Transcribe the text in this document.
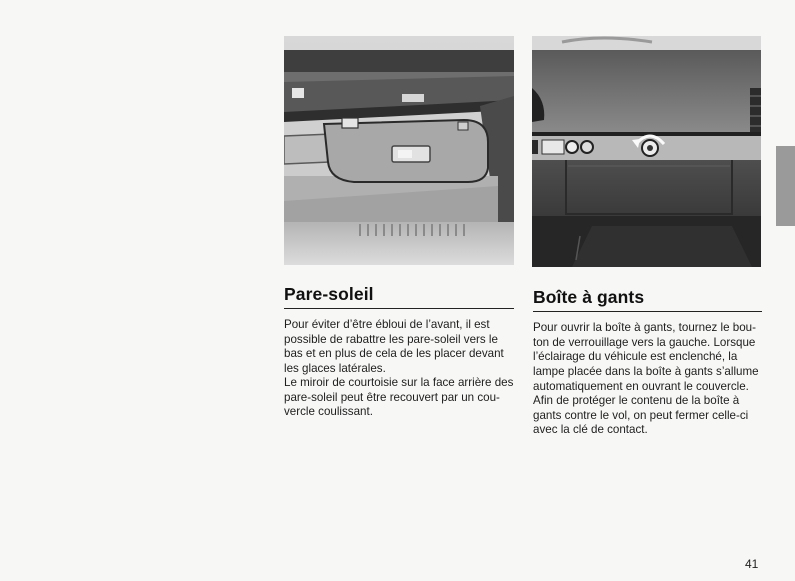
Pare-soleil

Pour éviter d’être ébloui de l’avant, il est
possible de rabattre les pare-soleil vers le
bas et en plus de cela de les placer devant
les glaces latérales.

Le miroir de courtoisie sur la face arrière des
pare-soleil peut être recouvert par un cou-
vercle coulissant.

Boîte à gants

Pour ouvrir la boîte à gants, tournez le bou-
ton de verrouillage vers la gauche. Lorsque
l’éclairage du véhicule est enclenché, la
lampe placée dans la boîte à gants s’allume
automatiquement en ouvrant le couvercle.

Afin de protéger le contenu de la boîte à
gants contre le vol, on peut fermer celle-ci
avec la clé de contact.

41
